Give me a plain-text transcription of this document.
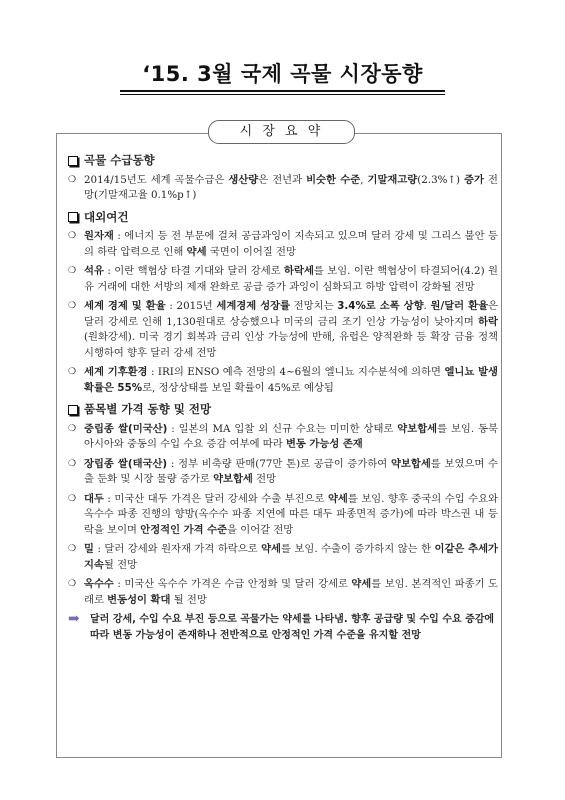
‘15. 3월 국제 곡물 시장동향
시 장 요 약
곡물 수급동향
❍ 2014/15년도 세계 곡물수급은 생산량은 전년과 비슷한 수준, 기말재고량(2.3%↑) 증가 전망(기말재고율 0.1%p↑)
대외여건
❍ 원자재 : 에너지 등 전 부문에 걸쳐 공급과잉이 지속되고 있으며 달러 강세 및 그리스 불안 등의 하락 압력으로 인해 약세 국면이 이어질 전망
❍ 석유 : 이란 핵협상 타결 기대와 달러 강세로 하락세를 보임. 이란 핵협상이 타결되어(4.2) 원유 거래에 대한 서방의 제재 완화로 공급 증가 과잉이 심화되고 하방 압력이 강화될 전망
❍ 세계 경제 및 환율 : 2015년 세계경제 성장률 전망치는 3.4%로 소폭 상향. 원/달러 환율은 달러 강세로 인해 1,130원대로 상승했으나 미국의 금리 조기 인상 가능성이 낮아지며 하락(원화강세). 미국 경기 회복과 금리 인상 가능성에 반해, 유럽은 양적완화 등 확장 금융 정책 시행하여 향후 달러 강세 전망
❍ 세계 기후환경 : IRI의 ENSO 예측 전망의 4~6월의 엘니뇨 지수분석에 의하면 엘니뇨 발생 확률은 55%로, 정상상태를 보일 확률이 45%로 예상됨
품목별 가격 동향 및 전망
❍ 중립종 쌀(미국산) : 일본의 MA 입찰 외 신규 수요는 미미한 상태로 약보합세를 보임. 동북아시아와 중동의 수입 수요 증감 여부에 따라 변동 가능성 존재
❍ 장립종 쌀(태국산) : 정부 비축량 판매(77만 톤)로 공급이 증가하여 약보합세를 보였으며 수출 둔화 및 시장 물량 증가로 약보합세 전망
❍ 대두 : 미국산 대두 가격은 달러 강세와 수출 부진으로 약세를 보임. 향후 중국의 수입 수요와 옥수수 파종 진행의 향방(옥수수 파종 지연에 따른 대두 파종면적 증가)에 따라 박스권 내 등락을 보이며 안정적인 가격 수준을 이어갈 전망
❍ 밀 : 달러 강세와 원자재 가격 하락으로 약세를 보임. 수출이 증가하지 않는 한 이같은 추세가 지속될 전망
❍ 옥수수 : 미국산 옥수수 가격은 수급 안정화 및 달러 강세로 약세를 보임. 본격적인 파종기 도래로 변동성이 확대 될 전망
➡	달러 강세, 수입 수요 부진 등으로 곡물가는 약세를 나타냄. 향후 공급량 및 수입 수요 증감에 따라 변동 가능성이 존재하나 전반적으로 안정적인 가격 수준을 유지할 전망
